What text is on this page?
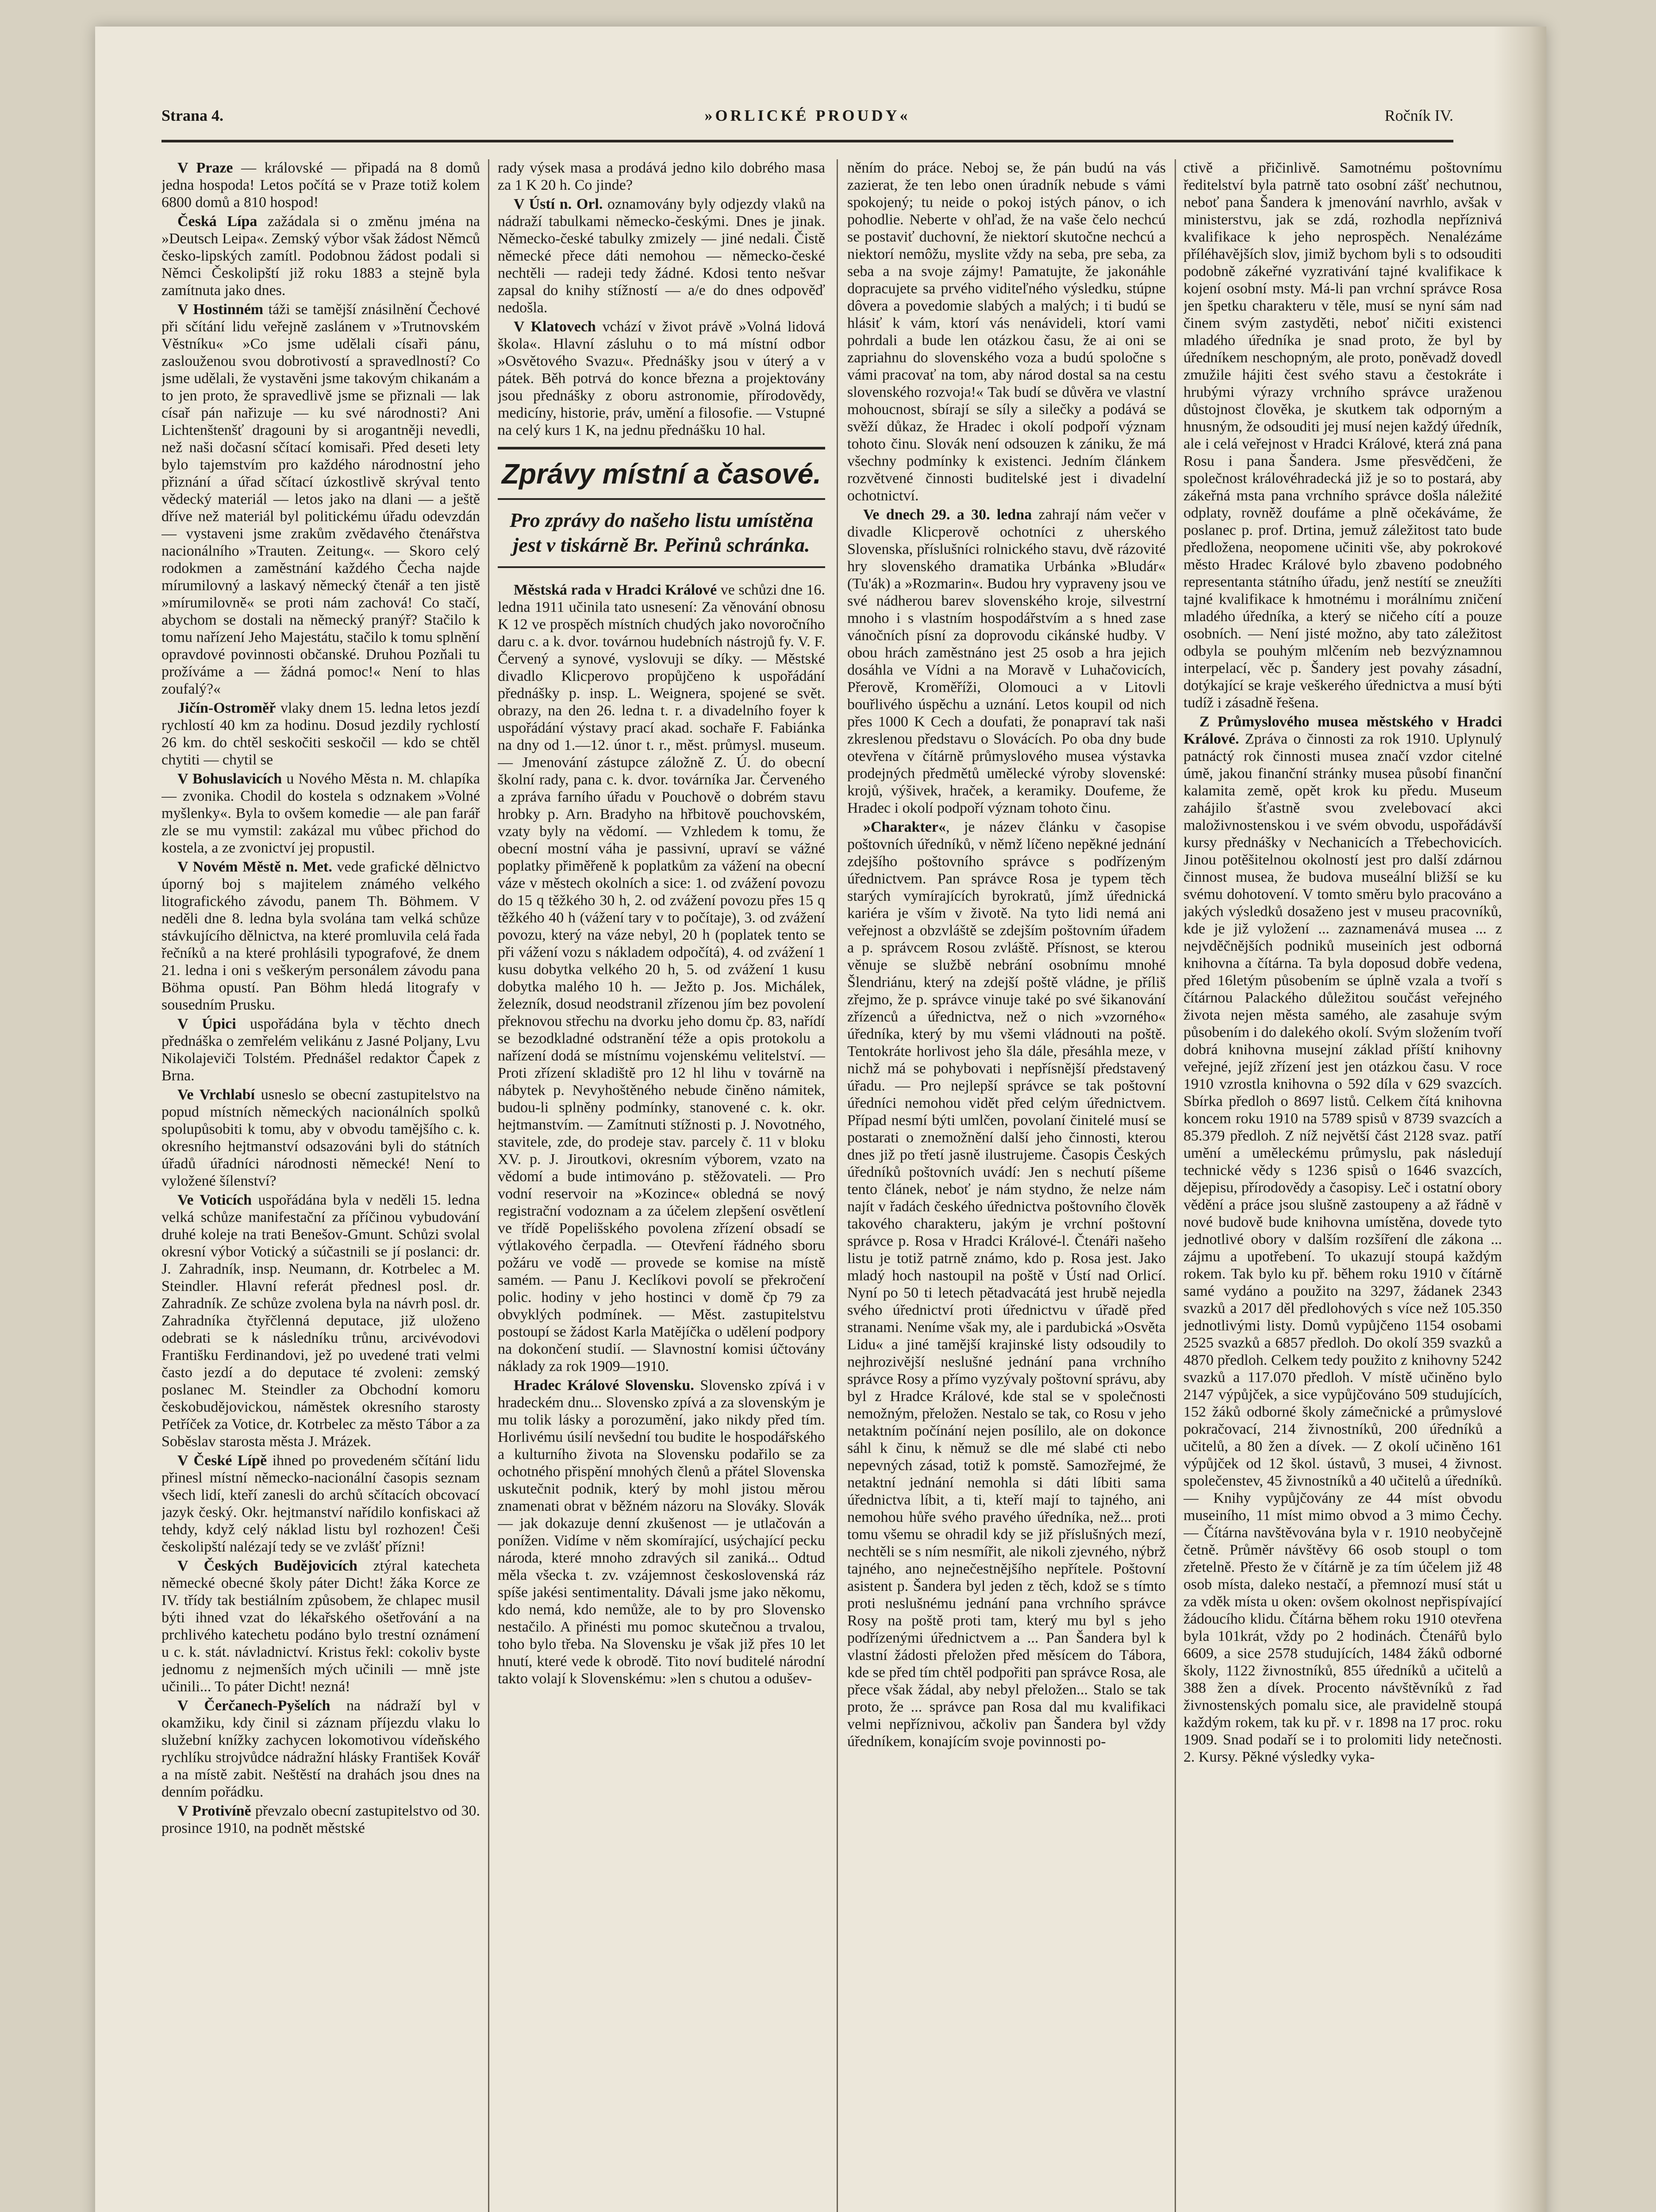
Strana 4.	»ORLICKÉ PROUDY«	Ročník IV.

V Praze — královské — připadá na 8 domů jedna hospoda! Letos počítá se v Praze totiž kolem 6800 domů a 810 hospod!

Česká Lípa zažádala si o změnu jména na »Deutsch Leipa«. Zemský výbor však žádost Němců česko-lipských zamítl. Podobnou žádost podali si Němci Českolipští již roku 1883 a stejně byla zamítnuta jako dnes.

V Hostinném táži se tamější znásilnění Čechové při sčítání lidu veřejně zaslánem v »Trutnovském Věstníku« »Co jsme udělali císaři pánu, zaslouženou svou dobrotivostí a spravedlností? Co jsme udělali, že vystavěni jsme takovým chikanám a to jen proto, že spravedlivě jsme se přiznali — lak císař pán nařizuje — ku své národnosti? Ani Lichtenštenšť dragouni by si arogantněji nevedli, než naši dočasní sčítací komisaři. Před deseti lety bylo tajemstvím pro každého národnostní jeho přiznání a úřad sčítací úzkostlivě skrýval tento vědecký materiál — letos jako na dlani — a ještě dříve než materiál byl politickému úřadu odevzdán — vystaveni jsme zrakům zvědavého čtenářstva nacionálního »Trauten. Zeitung«. — Skoro celý rodokmen a zaměstnání každého Čecha najde mírumilovný a laskavý německý čtenář a ten jistě »mírumilovně« se proti nám zachová! Co stačí, abychom se dostali na německý pranýř? Stačilo k tomu nařízení Jeho Majestátu, stačilo k tomu splnění opravdové povinnosti občanské. Druhou Pozňali tu prožíváme a — žádná pomoc!« Není to hlas zoufalý?«

Jičín-Ostroměř vlaky dnem 15. ledna letos jezdí rychlostí 40 km za hodinu. Dosud jezdily rychlostí 26 km. do chtěl seskočiti seskočil — kdo se chtěl chytiti — chytil se

V Bohuslavicích u Nového Města n. M. chlapíka — zvonika. Chodil do kostela s odznakem »Volné myšlenky«. Byla to ovšem komedie — ale pan farář zle se mu vymstil: zakázal mu vůbec přichod do kostela, a ze zvonictví jej propustil.

V Novém Městě n. Met. vede grafické dělnictvo úporný boj s majitelem známého velkého litografického závodu, panem Th. Böhmem. V neděli dne 8. ledna byla svolána tam velká schůze stávkujícího dělnictva, na které promluvila celá řada řečníků a na které prohlásili typografové, že dnem 21. ledna i oni s veškerým personálem závodu pana Böhma opustí. Pan Böhm hledá litografy v sousedním Prusku.

V Úpici uspořádána byla v těchto dnech přednáška o zemřelém velikánu z Jasné Poljany, Lvu Nikolajeviči Tolstém. Přednášel redaktor Čapek z Brna.

Ve Vrchlabí usneslo se obecní zastupitelstvo na popud místních německých nacionálních spolků spolupůsobiti k tomu, aby v obvodu tamějšího c. k. okresního hejtmanství odsazováni byli do státních úřadů úřadníci národnosti německé! Není to vyložené šílenství?

Ve Voticích uspořádána byla v neděli 15. ledna velká schůze manifestační za příčinou vybudování druhé koleje na trati Benešov-Gmunt. Schůzi svolal okresní výbor Votický a súčastnili se jí poslanci: dr. J. Zahradník, insp. Neumann, dr. Kotrbelec a M. Steindler. Hlavní referát přednesl posl. dr. Zahradník. Ze schůze zvolena byla na návrh posl. dr. Zahradníka čtyřčlenná deputace, již uloženo odebrati se k následníku trůnu, arcivévodovi Františku Ferdinandovi, jež po uvedené trati velmi často jezdí a do deputace té zvoleni: zemský poslanec M. Steindler za Obchodní komoru českobudějovickou, náměstek okresního starosty Petříček za Votice, dr. Kotrbelec za město Tábor a za Soběslav starosta města J. Mrázek.

V České Lípě ihned po provedeném sčítání lidu přinesl místní německo-nacionální časopis seznam všech lidí, kteří zanesli do archů sčítacích obcovací jazyk český. Okr. hejtmanství nařídilo konfiskaci až tehdy, když celý náklad listu byl rozhozen! Češi českolipští nalézají tedy se ve zvlášť přízni!

V Českých Budějovicích ztýral katecheta německé obecné školy páter Dicht! žáka Korce ze IV. třídy tak bestiálním způsobem, že chlapec musil býti ihned vzat do lékařského ošetřování a na prchlivého katechetu podáno bylo trestní oznámení u c. k. stát. návladnictví. Kristus řekl: cokoliv byste jednomu z nejmenších mých učinili — mně jste učinili... To páter Dicht! nezná!

V Čerčanech-Pyšelích na nádraží byl v okamžiku, kdy činil si záznam příjezdu vlaku lo služební knížky zachycen lokomotivou vídeňského rychlíku strojvůdce nádražní hlásky František Kovář a na místě zabit. Neštěstí na drahách jsou dnes na denním pořádku.

V Protivíně převzalo obecní zastupitelstvo od 30. prosince 1910, na podnět městské

rady výsek masa a prodává jedno kilo dobrého masa za 1 K 20 h. Co jinde?

V Ústí n. Orl. oznamovány byly odjezdy vlaků na nádraží tabulkami německo-českými. Dnes je jinak. Německo-české tabulky zmizely — jiné nedali. Čistě německé přece dáti nemohou — německo-české nechtěli — radeji tedy žádné. Kdosi tento nešvar zapsal do knihy stížností — a/e do dnes odpověď nedošla.

V Klatovech vchází v život právě »Volná lidová škola«. Hlavní zásluhu o to má místní odbor »Osvětového Svazu«. Přednášky jsou v úterý a v pátek. Běh potrvá do konce března a projektovány jsou přednášky z oboru astronomie, přírodovědy, medicíny, historie, práv, umění a filosofie. — Vstupné na celý kurs 1 K, na jednu přednášku 10 hal.

Zprávy místní a časové.
Pro zprávy do našeho listu umístěna jest v tiskárně Br. Peřinů schránka.

Městská rada v Hradci Králové ve schůzi dne 16. ledna 1911 učinila tato usnesení: Za věnování obnosu K 12 ve prospěch místních chudých jako novoročního daru c. a k. dvor. továrnou hudebních nástrojů fy. V. F. Červený a synové, vyslovuji se díky. — Městské divadlo Klicperovo propůjčeno k uspořádání přednášky p. insp. L. Weignera, spojené se svět. obrazy, na den 26. ledna t. r. a divadelního foyer k uspořádání výstavy prací akad. sochaře F. Fabiánka na dny od 1.—12. únor t. r., měst. průmysl. museum. — Jmenování zástupce záložně Z. Ú. do obecní školní rady, pana c. k. dvor. továrníka Jar. Červeného a zpráva farního úřadu v Pouchově o dobrém stavu hrobky p. Arn. Bradyho na hřbitově pouchovském, vzaty byly na vědomí. — Vzhledem k tomu, že obecní mostní váha je passivní, upraví se vážné poplatky přiměřeně k poplatkům za vážení na obecní váze v městech okolních a sice: 1. od zvážení povozu do 15 q těžkého 30 h, 2. od zvážení povozu přes 15 q těžkého 40 h (vážení tary v to počítaje), 3. od zvážení povozu, který na váze nebyl, 20 h (poplatek tento se při vážení vozu s nákladem odpočítá), 4. od zvážení 1 kusu dobytka velkého 20 h, 5. od zvážení 1 kusu dobytka malého 10 h. — Ježto p. Jos. Michálek, železník, dosud neodstranil zřízenou jím bez povolení překnovou střechu na dvorku jeho domu čp. 83, nařídí se bezodkladné odstranění téže a opis protokolu a nařízení dodá se místnímu vojenskému velitelství. — Proti zřízení skladiště pro 12 hl lihu v továrně na nábytek p. Nevyhoštěného nebude činěno námitek, budou-li splněny podmínky, stanovené c. k. okr. hejtmanstvím. — Zamítnuti stížnosti p. J. Novotného, stavitele, zde, do prodeje stav. parcely č. 11 v bloku XV. p. J. Jiroutkovi, okresním výborem, vzato na vědomí a bude intimováno p. stěžovateli. — Pro vodní reservoir na »Kozince« obledná se nový registrační vodoznam a za účelem zlepšení osvětlení ve třídě Popelišského povolena zřízení obsadí se výtlakového čerpadla. — Otevření řádného sboru požáru ve vodě — provede se komise na místě samém. — Panu J. Keclíkovi povolí se překročení polic. hodiny v jeho hostinci v domě čp 79 za obvyklých podmínek. — Měst. zastupitelstvu postoupí se žádost Karla Matějíčka o udělení podpory na dokončení studií. — Slavnostní komisi účtovány náklady za rok 1909—1910.

Hradec Králové Slovensku. Slovensko zpívá i v hradeckém dnu... Slovensko zpívá a za slovenským je mu tolik lásky a porozumění, jako nikdy před tím. Horlivému úsilí nevšední tou budite le hospodářského a kulturního života na Slovensku podařilo se za ochotného přispění mnohých členů a přátel Slovenska uskutečnit podnik, který by mohl jistou měrou znamenati obrat v běžném názoru na Slováky. Slovák — jak dokazuje denní zkušenost — je utlačován a ponížen. Vidíme v něm skomírající, usýchající pecku národa, které mnoho zdravých sil zaniká... Odtud měla všecka t. zv. vzájemnost československá ráz spíše jakési sentimentality. Dávali jsme jako někomu, kdo nemá, kdo nemůže, ale to by pro Slovensko nestačilo. A přinésti mu pomoc skutečnou a trvalou, toho bylo třeba. Na Slovensku je však již přes 10 let hnutí, které vede k obrodě. Tito noví buditelé národní takto volají k Slovenskému: »len s chutou a odušev-

něním do práce. Neboj se, že pán budú na vás zazierat, že ten lebo onen úradník nebude s vámi spokojený; tu neide o pokoj istých pánov, o ich pohodlie. Neberte v ohľad, že na vaše čelo nechcú se postaviť duchovní, že niektorí skutočne nechcú a niektorí nemôžu, myslite vždy na seba, pre seba, za seba a na svoje zájmy! Pamatujte, že jakonáhle dopracujete sa prvého viditeľného výsledku, stúpne dôvera a povedomie slabých a malých; i ti budú se hlásiť k vám, ktorí vás nenávideli, ktorí vami pohrdali a bude len otázkou času, že ai oni se zapriahnu do slovenského voza a budú spoločne s vámi pracovať na tom, aby národ dostal sa na cestu slovenského rozvoja!« Tak budí se důvěra ve vlastní mohoucnost, sbírají se síly a silečky a podává se svěží důkaz, že Hradec i okolí podpoří význam tohoto činu. Slovák není odsouzen k zániku, že má všechny podmínky k existenci. Jedním článkem rozvětvené činnosti buditelské jest i divadelní ochotnictví.

Ve dnech 29. a 30. ledna zahrají nám večer v divadle Klicperově ochotníci z uherského Slovenska, příslušníci rolnického stavu, dvě rázovité hry slovenského dramatika Urbánka »Bludár« (Tu'ák) a »Rozmarin«. Budou hry vypraveny jsou ve své nádherou barev slovenského kroje, silvestrní mnoho i s vlastním hospodářstvím a s hned zase vánočních písní za doprovodu cikánské hudby. V obou hrách zaměstnáno jest 25 osob a hra jejich dosáhla ve Vídni a na Moravě v Luhačovicích, Přerově, Kroměříži, Olomouci a v Litovli bouřlivého úspěchu a uznání. Letos koupil od nich přes 1000 K Cech a doufati, že ponapraví tak naši zkreslenou představu o Slovácích. Po oba dny bude otevřena v čítárně průmyslového musea výstavka prodejných předmětů umělecké výroby slovenské: krojů, výšivek, hraček, a keramiky. Doufeme, že Hradec i okolí podpoří význam tohoto činu.

»Charakter«, je název článku v časopise poštovních úředníků, v němž líčeno nepěkné jednání zdejšího poštovního správce s podřízeným úřednictvem. Pan správce Rosa je typem těch starých vymírajících byrokratů, jímž úřednická kariéra je vším v životě. Na tyto lidi nemá ani veřejnost a obzvláště se zdejším poštovním úřadem a p. správcem Rosou zvláště. Přísnost, se kterou věnuje se službě nebrání osobnímu mnohé Šlendriánu, který na zdejší poště vládne, je příliš zřejmo, že p. správce vinuje také po své šikanování zřízenců a úřednictva, než o nich »vzorného« úředníka, který by mu všemi vládnouti na poště. Tentokráte horlivost jeho šla dále, přesáhla meze, v nichž má se pohybovati i nepřísnější představený úřadu. — Pro nejlepší správce se tak poštovní úředníci nemohou vidět před celým úřednictvem. Případ nesmí býti umlčen, povolaní činitelé musí se postarati o znemožnění další jeho činnosti, kterou dnes již po třetí jasně ilustrujeme. Časopis Českých úředníků poštovních uvádí: Jen s nechutí píšeme tento článek, neboť je nám stydno, že nelze nám najít v řadách českého úřednictva poštovního člověk takového charakteru, jakým je vrchní poštovní správce p. Rosa v Hradci Králové-l. Čtenáři našeho listu je totiž patrně známo, kdo p. Rosa jest. Jako mladý hoch nastoupil na poště v Ústí nad Orlicí. Nyní po 50 ti letech pětadvacátá jest hrubě nejedla svého úřednictví proti úřednictvu v úřadě před stranami. Neníme však my, ale i pardubická »Osvěta Lidu« a jiné tamější krajinské listy odsoudily to nejhrozivější neslušné jednání pana vrchního správce Rosy a přímo vyzývaly poštovní správu, aby byl z Hradce Králové, kde stal se v společnosti nemožným, přeložen. Nestalo se tak, co Rosu v jeho netaktním počínání nejen posílilo, ale on dokonce sáhl k činu, k němuž se dle mé slabé cti nebo nepevných zásad, totiž k pomstě. Samozřejmé, že netaktní jednání nemohla si dáti líbiti sama úřednictva líbit, a ti, kteří mají to tajného, ani nemohou hůře svého pravého úředníka, než... proti tomu všemu se ohradil kdy se již příslušných mezí, nechtěli se s ním nesmířit, ale nikoli zjevného, nýbrž tajného, ano nejnečestnějšího nepřítele. Poštovní asistent p. Šandera byl jeden z těch, kdož se s tímto proti neslušnému jednání pana vrchního správce Rosy na poště proti tam, který mu byl s jeho podřízenými úřednictvem a ... Pan Šandera byl k vlastní žádosti přeložen před měsícem do Tábora, kde se před tím chtěl podpořiti pan správce Rosa, ale přece však žádal, aby nebyl přeložen... Stalo se tak proto, že ... správce pan Rosa dal mu kvalifikaci velmi nepříznivou, ačkoliv pan Šandera byl vždy úředníkem, konajícím svoje povinnosti po-

ctivě a přičinlivě. Samotnému poštovnímu ředitelství byla patrně tato osobní zášť nechutnou, neboť pana Šandera k jmenování navrhlo, avšak v ministerstvu, jak se zdá, rozhodla nepříznivá kvalifikace k jeho neprospěch. Nenalézáme příléhavějších slov, jimiž bychom byli s to odsouditi podobně zákeřné vyzrativání tajné kvalifikace k kojení osobní msty. Má-li pan vrchní správce Rosa jen špetku charakteru v těle, musí se nyní sám nad činem svým zastyděti, neboť ničiti existenci mladého úředníka je snad proto, že byl by úředníkem neschopným, ale proto, poněvadž dovedl zmužile hájiti čest svého stavu a čestokráte i hrubými výrazy vrchního správce uraženou důstojnost člověka, je skutkem tak odporným a hnusným, že odsouditi jej musí nejen každý úředník, ale i celá veřejnost v Hradci Králové, která zná pana Rosu i pana Šandera. Jsme přesvědčeni, že společnost královéhradecká již je so to postará, aby zákeřná msta pana vrchního správce došla náležité odplaty, rovněž doufáme a plně očekáváme, že poslanec p. prof. Drtina, jemuž záležitost tato bude předložena, neopomene učiniti vše, aby pokrokové město Hradec Králové bylo zbaveno podobného representanta státního úřadu, jenž nestítí se zneužíti tajné kvalifikace k hmotnému i morálnímu zničení mladého úředníka, a který se ničeho cítí a pouze osobních. — Není jisté možno, aby tato záležitost odbyla se pouhým mlčením neb bezvýznamnou interpelací, věc p. Šandery jest povahy zásadní, dotýkající se kraje veškerého úřednictva a musí býti tudíž i zásadně řešena.

Z Průmyslového musea městského v Hradci Králové. Zpráva o činnosti za rok 1910. Uplynulý patnáctý rok činnosti musea značí vzdor citelné úmě, jakou finanční stránky musea působí finanční kalamita země, opět krok ku předu. Museum zahájilo šťastně svou zvelebovací akci maloživnostenskou i ve svém obvodu, uspořádávší kursy přednášky v Nechanicích a Třebechovicích. Jinou potěšitelnou okolností jest pro další zdárnou činnost musea, že budova museální bližší se ku svému dohotovení. V tomto směru bylo pracováno a jakých výsledků dosaženo jest v museu pracovníků, kde je již vyložení ... zaznamenává musea ... z nejvděčnějších podniků museiních jest odborná knihovna a čítárna. Ta byla doposud dobře vedena, před 16letým působením se úplně vzala a tvoří s čítárnou Palackého důležitou součást veřejného života nejen města samého, ale zasahuje svým působením i do dalekého okolí. Svým složením tvoří dobrá knihovna musejní základ příští knihovny veřejné, jejíž zřízení jest jen otázkou času. V roce 1910 vzrostla knihovna o 592 díla v 629 svazcích. Sbírka předloh o 8697 listů. Celkem čítá knihovna koncem roku 1910 na 5789 spisů v 8739 svazcích a 85.379 předloh. Z níž největší část 2128 svaz. patří umění a uměleckému průmyslu, pak následují technické vědy s 1236 spisů o 1646 svazcích, dějepisu, přírodovědy a časopisy. Leč i ostatní obory vědění a práce jsou slušně zastoupeny a až řádně v nové budově bude knihovna umístěna, dovede tyto jednotlivé obory v dalším rozšíření dle zákona ... zájmu a upotřebení. To ukazují stoupá každým rokem. Tak bylo ku př. během roku 1910 v čítárně samé vydáno a použito na 3297, žádanek 2343 svazků a 2017 děl předlohových s více než 105.350 jednotlivými listy. Domů vypůjčeno 1154 osobami 2525 svazků a 6857 předloh. Do okolí 359 svazků a 4870 předloh. Celkem tedy použito z knihovny 5242 svazků a 117.070 předloh. V místě učiněno bylo 2147 výpůjček, a sice vypůjčováno 509 studujících, 152 žáků odborné školy zámečnické a průmyslové pokračovací, 214 živnostníků, 200 úředníků a učitelů, a 80 žen a dívek. — Z okolí učiněno 161 výpůjček od 12 škol. ústavů, 3 musei, 4 živnost. společenstev, 45 živnostníků a 40 učitelů a úředníků. — Knihy vypůjčovány ze 44 míst obvodu museiního, 11 míst mimo obvod a 3 mimo Čechy. — Čítárna navštěvována byla v r. 1910 neobyčejně četně. Průměr návštěvy 66 osob stoupl o tom zřetelně. Přesto že v čítárně je za tím účelem již 48 osob místa, daleko nestačí, a přemnozí musí stát u za vděk místa u oken: ovšem okolnost nepřispívající žádoucího klidu. Čítárna během roku 1910 otevřena byla 101krát, vždy po 2 hodinách. Čtenářů bylo 6609, a sice 2578 studujících, 1484 žáků odborné školy, 1122 živnostníků, 855 úředníků a učitelů a 388 žen a dívek. Procento návštěvníků z řad živnostenských pomalu sice, ale pravidelně stoupá každým rokem, tak ku př. v r. 1898 na 17 proc. roku 1909. Snad podaří se i to prolomiti lidy netečnosti. 2. Kursy. Pěkné výsledky vyka-
